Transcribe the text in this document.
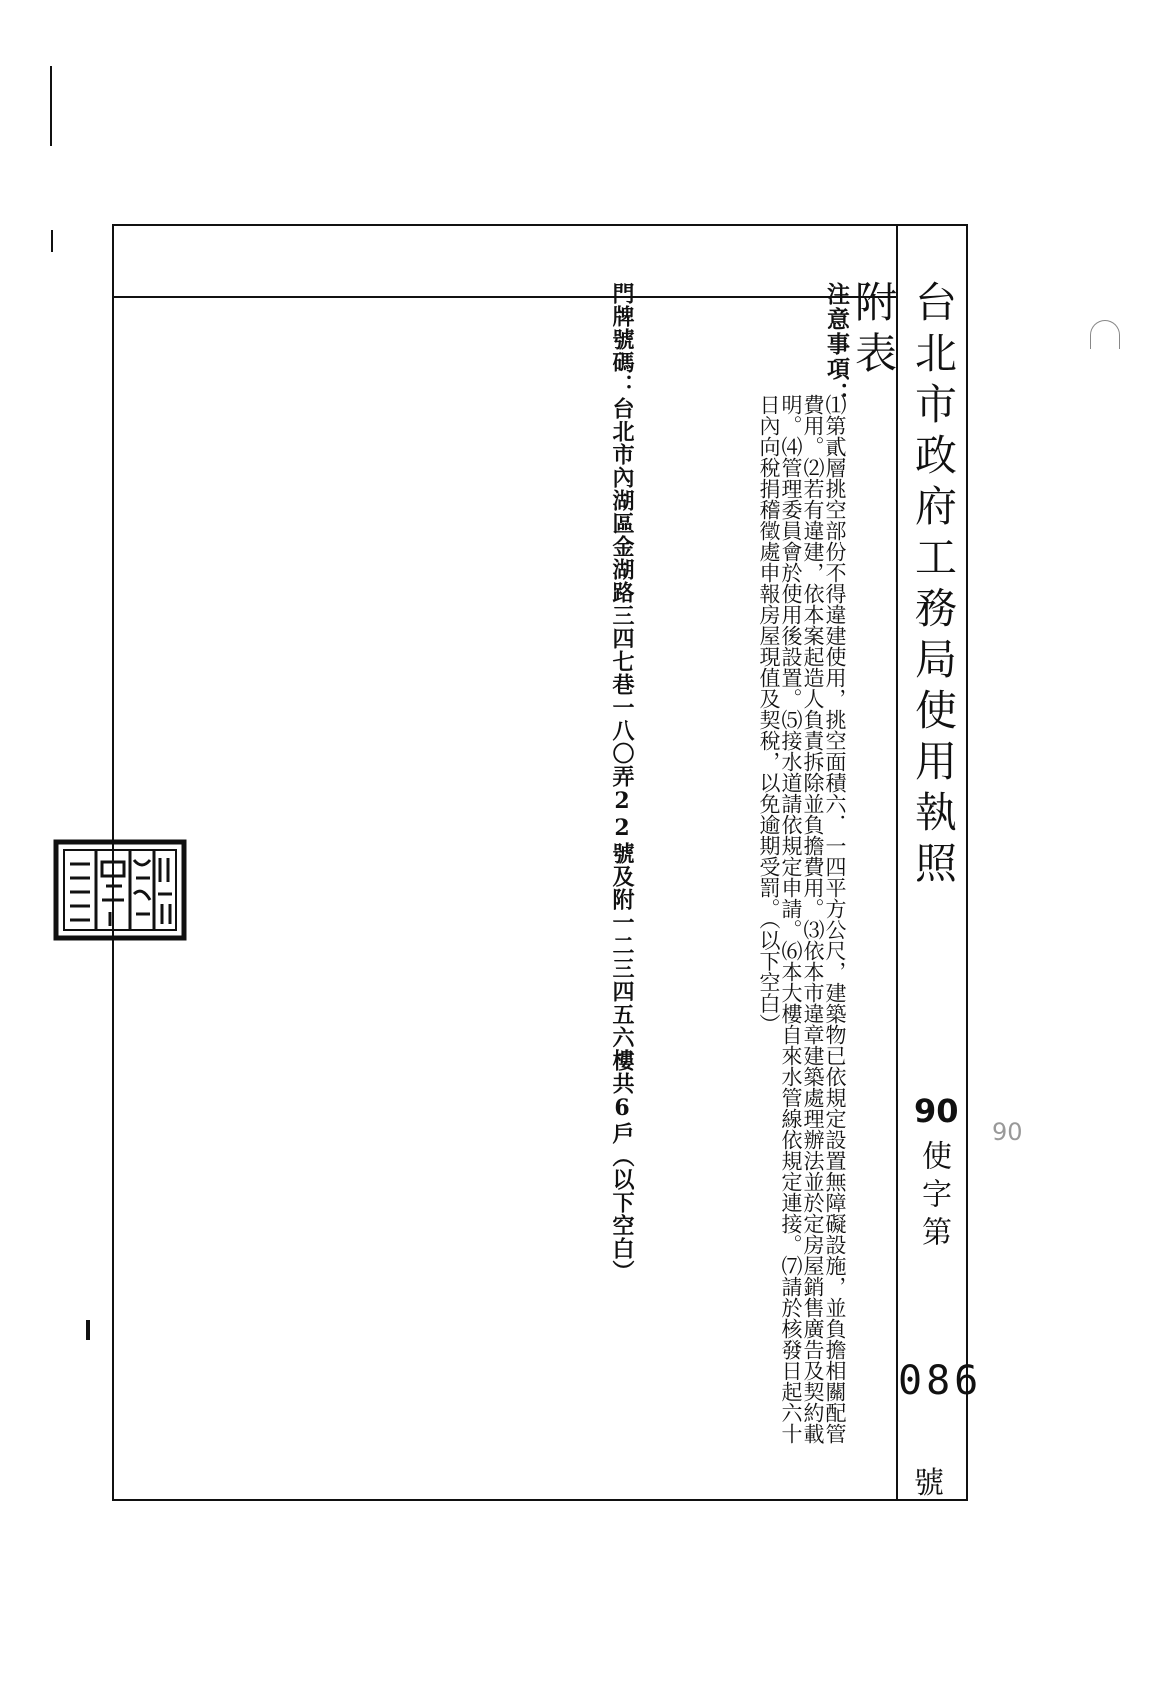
台北市政府工務局使用執照附表
90
使字第
086
號
注意事項：
⑴第貳層挑空部份不得違建使用，挑空面積六．一四平方公尺，建築物已依規定設置無障礙設施，並負擔相關配管費用。⑵若有違建，依本案起造人負責拆除並負擔費用。⑶依本市違章建築處理辦法並於定房屋銷售廣告及契約載明。⑷管理委員會於使用後設置。⑸接水道請依規定申請。⑹本大樓自來水管線依規定連接。⑺請於核發日起六十日內向稅捐稽徵處申報房屋現值及契稅，以免逾期受罰。（以下空白）
門牌號碼：台北市內湖區金湖路三四七巷一八〇弄22號及附一二三四五六樓共6戶（以下空白）	90
